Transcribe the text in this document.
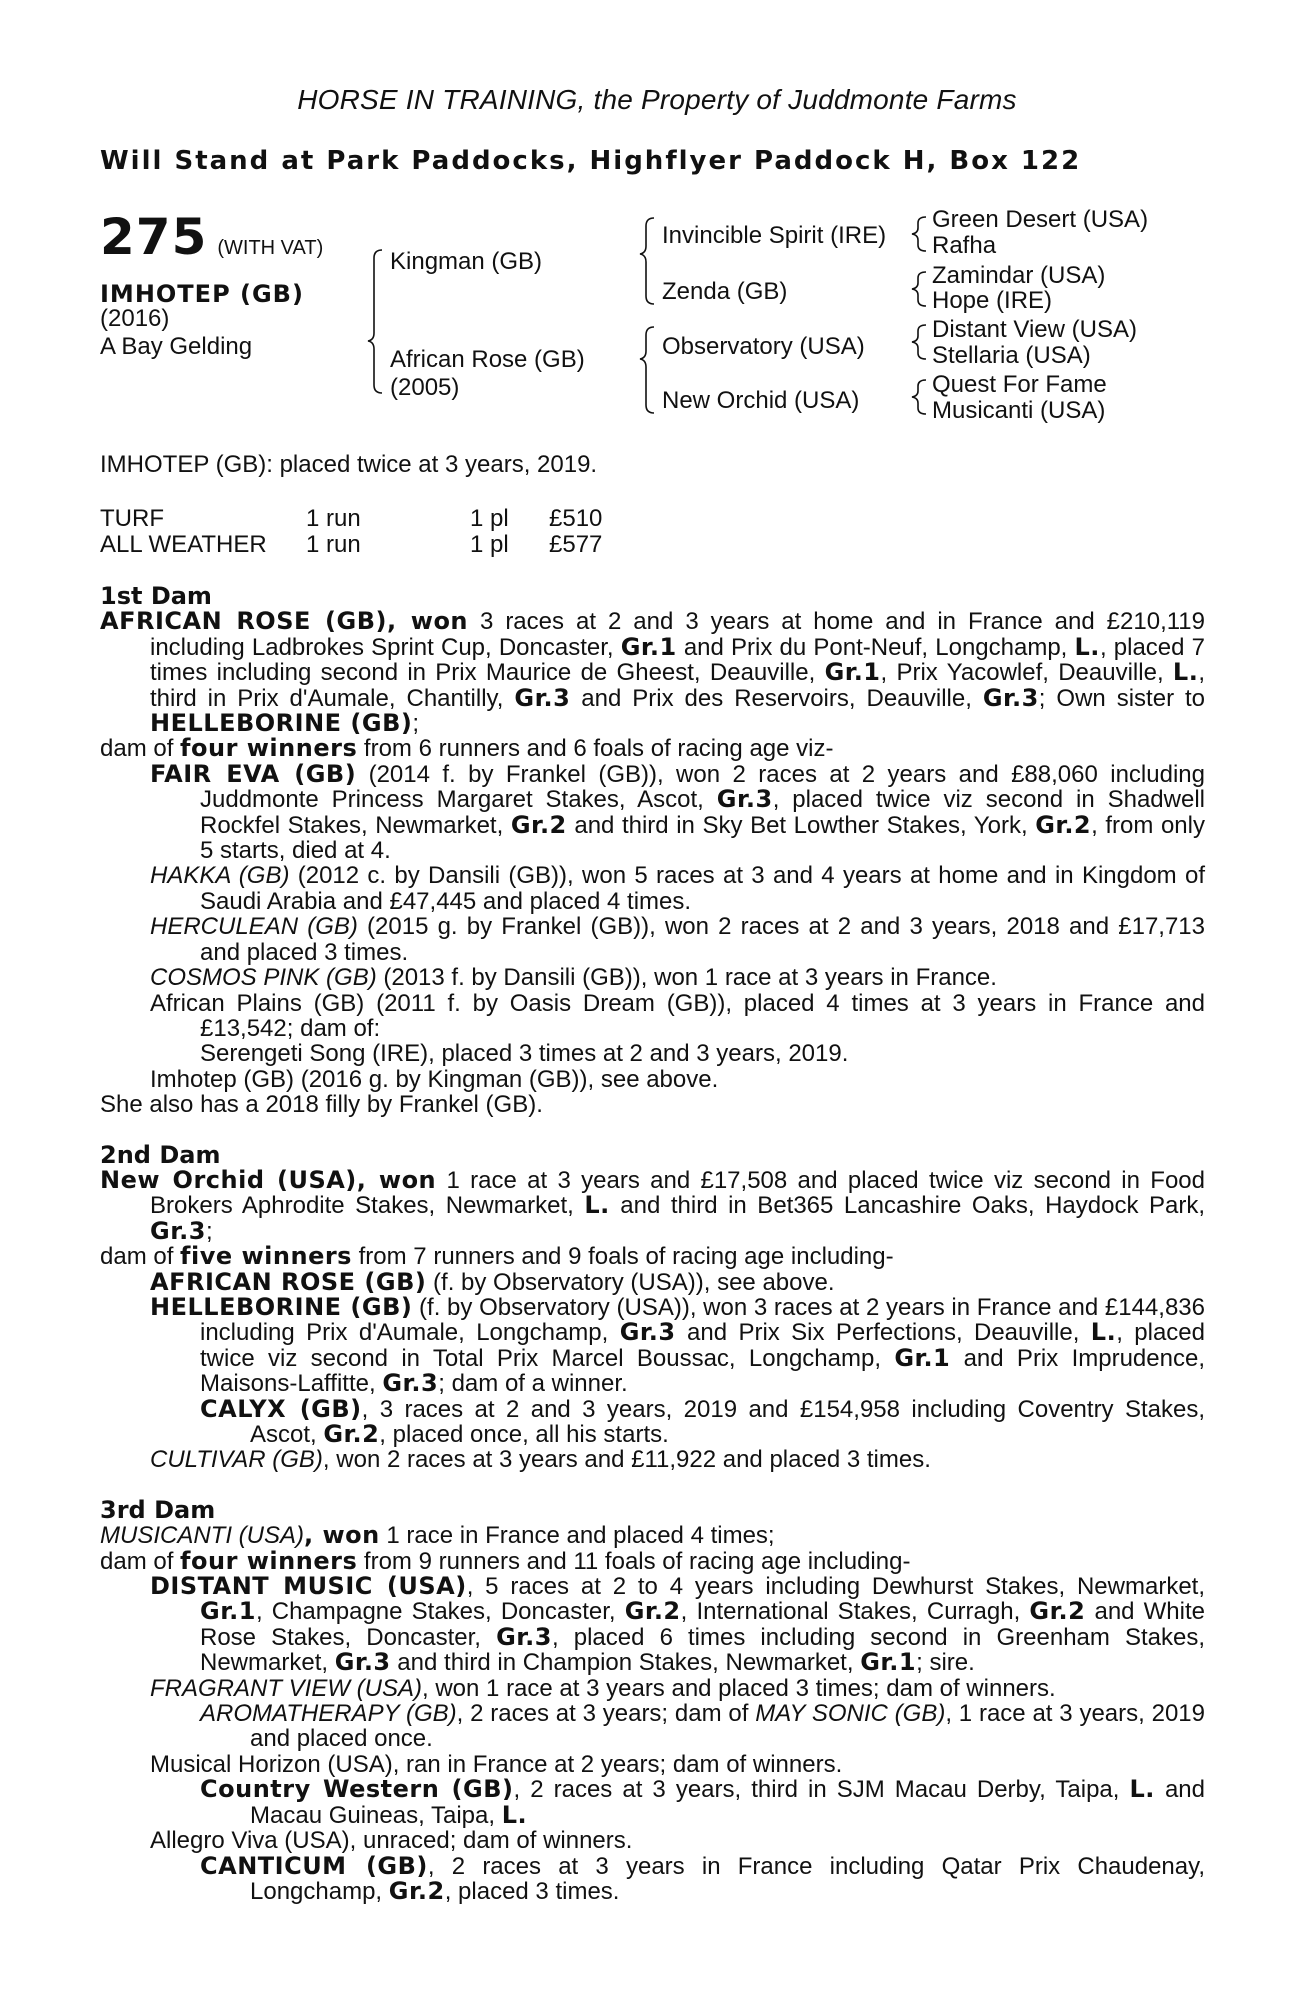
HORSE IN TRAINING, the Property of Juddmonte Farms
Will Stand at Park Paddocks, Highflyer Paddock H, Box 122
275 (WITH VAT)
IMHOTEP (GB)
(2016)
A Bay Gelding
Kingman (GB)
African Rose (GB)
(2005)
Invincible Spirit (IRE)
Zenda (GB)
Observatory (USA)
New Orchid (USA)
Green Desert (USA)
Rafha
Zamindar (USA)
Hope (IRE)
Distant View (USA)
Stellaria (USA)
Quest For Fame
Musicanti (USA)
IMHOTEP (GB): placed twice at 3 years, 2019.
TURF	1 run	1 pl £510
ALL WEATHER 1 run	1 pl £577

1st Dam

AFRICAN ROSE (GB), won 3 races at 2 and 3 years at home and in France and £210,119 including Ladbrokes Sprint Cup, Doncaster, Gr.1 and Prix du Pont-Neuf, Longchamp, L., placed 7 times including second in Prix Maurice de Gheest, Deauville, Gr.1, Prix Yacowlef, Deauville, L., third in Prix d'Aumale, Chantilly, Gr.3 and Prix des Reservoirs, Deauville, Gr.3; Own sister to HELLEBORINE (GB);

dam of four winners from 6 runners and 6 foals of racing age viz-

FAIR EVA (GB) (2014 f. by Frankel (GB)), won 2 races at 2 years and £88,060 including Juddmonte Princess Margaret Stakes, Ascot, Gr.3, placed twice viz second in Shadwell Rockfel Stakes, Newmarket, Gr.2 and third in Sky Bet Lowther Stakes, York, Gr.2, from only 5 starts, died at 4.

HAKKA (GB) (2012 c. by Dansili (GB)), won 5 races at 3 and 4 years at home and in Kingdom of Saudi Arabia and £47,445 and placed 4 times.

HERCULEAN (GB) (2015 g. by Frankel (GB)), won 2 races at 2 and 3 years, 2018 and £17,713 and placed 3 times.

COSMOS PINK (GB) (2013 f. by Dansili (GB)), won 1 race at 3 years in France.

African Plains (GB) (2011 f. by Oasis Dream (GB)), placed 4 times at 3 years in France and £13,542; dam of:

Serengeti Song (IRE), placed 3 times at 2 and 3 years, 2019.

Imhotep (GB) (2016 g. by Kingman (GB)), see above.

She also has a 2018 filly by Frankel (GB).

2nd Dam

New Orchid (USA), won 1 race at 3 years and £17,508 and placed twice viz second in Food Brokers Aphrodite Stakes, Newmarket, L. and third in Bet365 Lancashire Oaks, Haydock Park, Gr.3;

dam of five winners from 7 runners and 9 foals of racing age including-

AFRICAN ROSE (GB) (f. by Observatory (USA)), see above.

HELLEBORINE (GB) (f. by Observatory (USA)), won 3 races at 2 years in France and £144,836 including Prix d'Aumale, Longchamp, Gr.3 and Prix Six Perfections, Deauville, L., placed twice viz second in Total Prix Marcel Boussac, Longchamp, Gr.1 and Prix Imprudence, Maisons-Laffitte, Gr.3; dam of a winner.

CALYX (GB), 3 races at 2 and 3 years, 2019 and £154,958 including Coventry Stakes, Ascot, Gr.2, placed once, all his starts.

CULTIVAR (GB), won 2 races at 3 years and £11,922 and placed 3 times.

3rd Dam

MUSICANTI (USA), won 1 race in France and placed 4 times;

dam of four winners from 9 runners and 11 foals of racing age including-

DISTANT MUSIC (USA), 5 races at 2 to 4 years including Dewhurst Stakes, Newmarket, Gr.1, Champagne Stakes, Doncaster, Gr.2, International Stakes, Curragh, Gr.2 and White Rose Stakes, Doncaster, Gr.3, placed 6 times including second in Greenham Stakes, Newmarket, Gr.3 and third in Champion Stakes, Newmarket, Gr.1; sire.

FRAGRANT VIEW (USA), won 1 race at 3 years and placed 3 times; dam of winners.

AROMATHERAPY (GB), 2 races at 3 years; dam of MAY SONIC (GB), 1 race at 3 years, 2019 and placed once.

Musical Horizon (USA), ran in France at 2 years; dam of winners.

Country Western (GB), 2 races at 3 years, third in SJM Macau Derby, Taipa, L. and Macau Guineas, Taipa, L.

Allegro Viva (USA), unraced; dam of winners.

CANTICUM (GB), 2 races at 3 years in France including Qatar Prix Chaudenay, Longchamp, Gr.2, placed 3 times.
